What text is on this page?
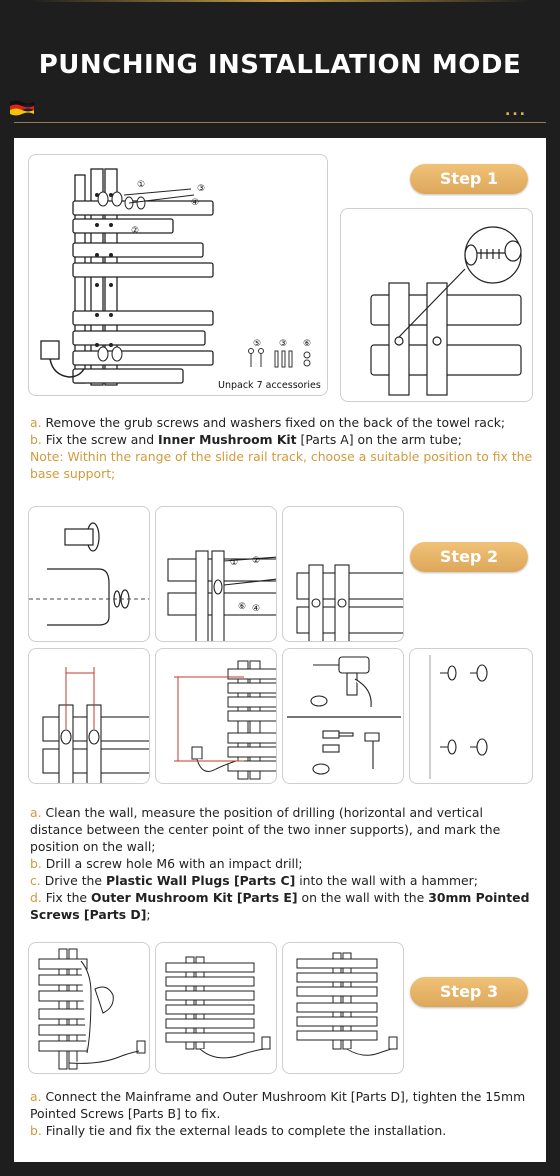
PUNCHING INSTALLATION MODE
...
①
②
③
④
⑤ ③ ⑥
Unpack 7 accessories
Step 1

a. Remove the grub screws and washers fixed on the back of the towel rack;

b. Fix the screw and Inner Mushroom Kit [Parts A] on the arm tube;

Note: Within the range of the slide rail track, choose a suitable position to fix the base support;

① ②
⑥ ④
Step 2

a. Clean the wall, measure the position of drilling (horizontal and vertical distance between the center point of the two inner supports), and mark the position on the wall;

b. Drill a screw hole M6 with an impact drill;

c. Drive the Plastic Wall Plugs [Parts C] into the wall with a hammer;

d. Fix the Outer Mushroom Kit [Parts E] on the wall with the 30mm Pointed Screws [Parts D];

Step 3

a. Connect the Mainframe and Outer Mushroom Kit [Parts D], tighten the 15mm Pointed Screws [Parts B] to fix.

b. Finally tie and fix the external leads to complete the installation.
